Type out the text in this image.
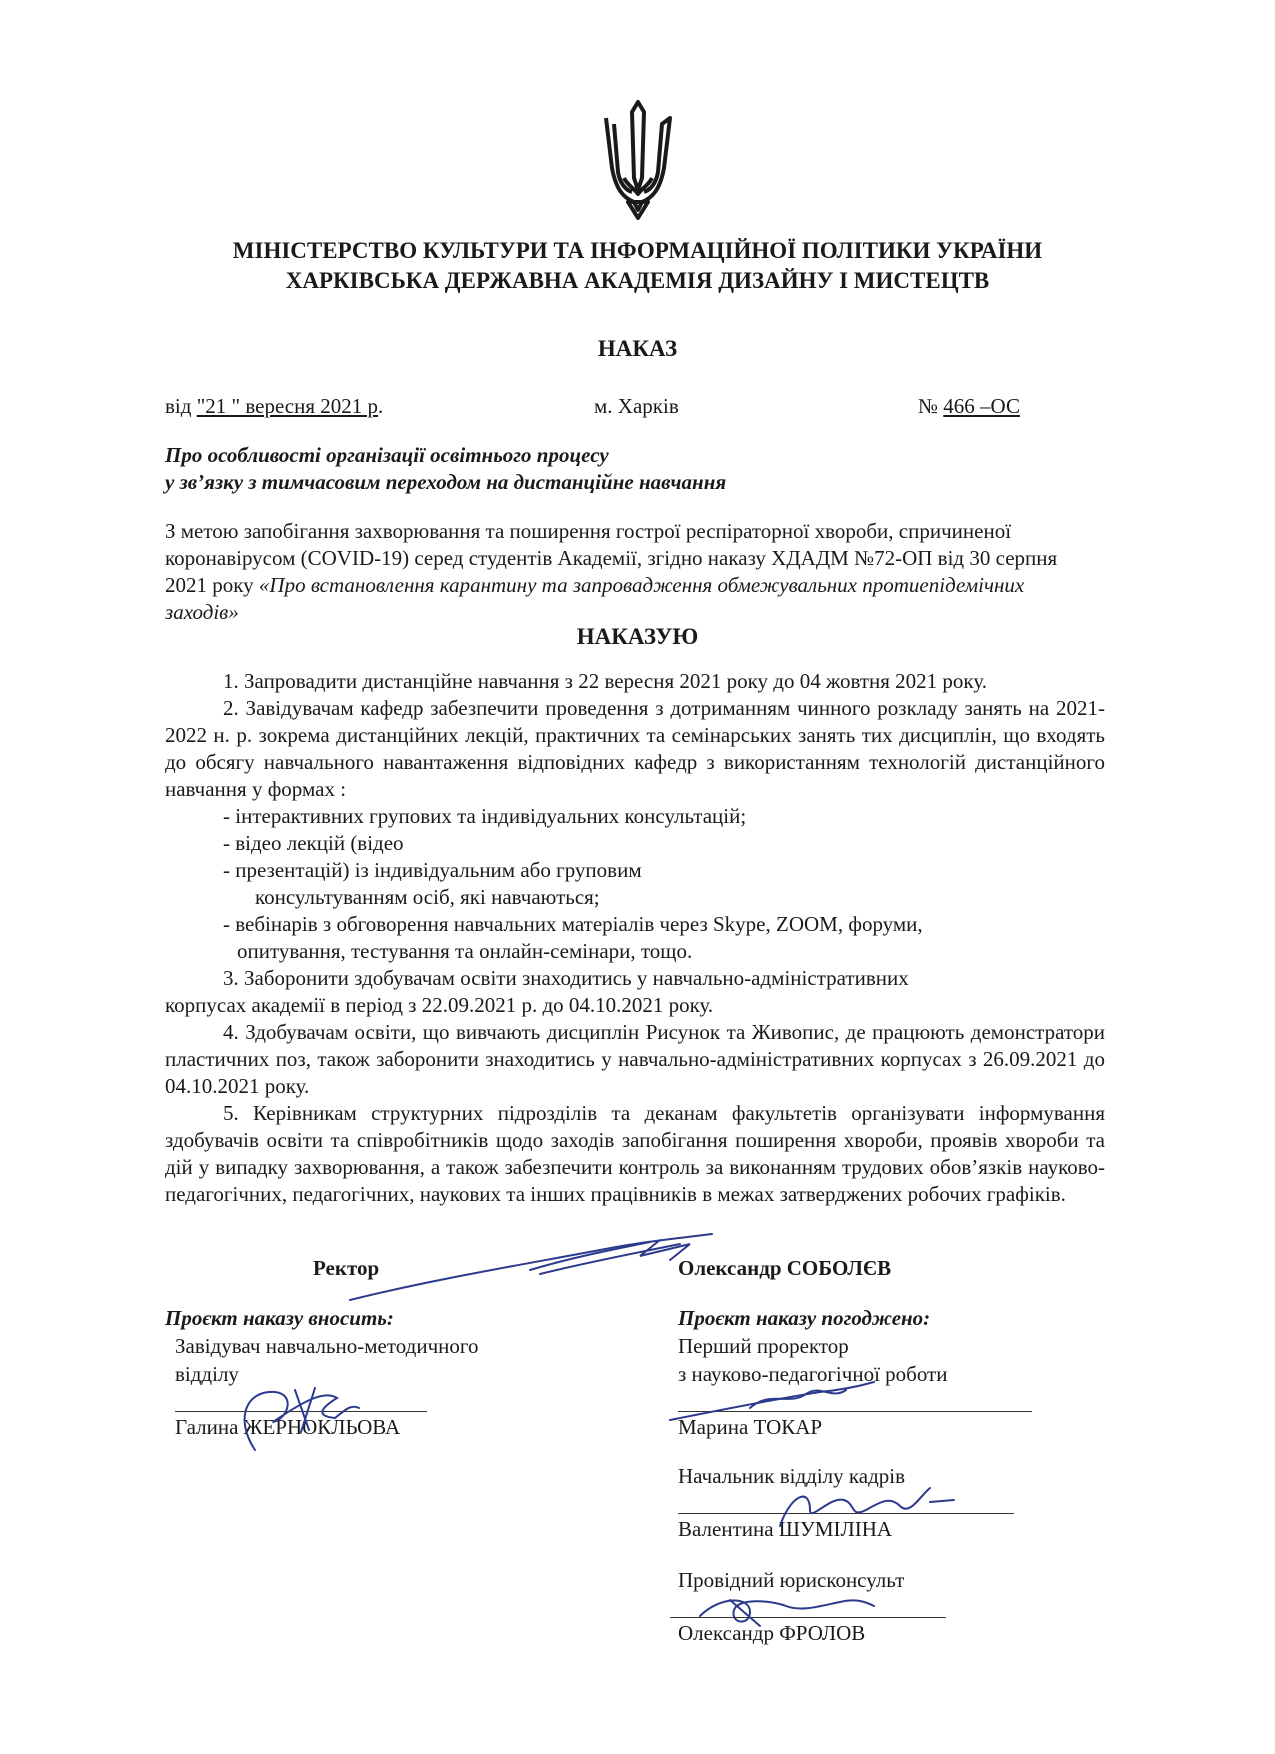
МІНІСТЕРСТВО КУЛЬТУРИ ТА ІНФОРМАЦІЙНОЇ ПОЛІТИКИ УКРАЇНИ
ХАРКІВСЬКА ДЕРЖАВНА АКАДЕМІЯ ДИЗАЙНУ І МИСТЕЦТВ
НАКАЗ
від "21 " вересня 2021 р.	м. Харків	№ 466 –ОС
Про особливості організації освітнього процесу
у зв’язку з тимчасовим переходом на дистанційне навчання
З метою запобігання захворювання та поширення гострої респіраторної хвороби, спричиненої коронавірусом (COVID-19) серед студентів Академії, згідно наказу ХДАДМ №72-ОП від 30 серпня 2021 року «Про встановлення карантину та запровадження обмежувальних протиепідемічних заходів»
НАКАЗУЮ
1. Запровадити дистанційне навчання з 22 вересня 2021 року до 04 жовтня 2021 року.
2. Завідувачам кафедр забезпечити проведення з дотриманням чинного розкладу занять на 2021-2022 н. р. зокрема дистанційних лекцій, практичних та семінарських занять тих дисциплін, що входять до обсягу навчального навантаження відповідних кафедр з використанням технологій дистанційного навчання у формах :
- інтерактивних групових та індивідуальних консультацій;
- відео лекцій (відео
- презентацій) із індивідуальним або груповим
консультуванням осіб, які навчаються;
- вебінарів з обговорення навчальних матеріалів через Skype, ZOOM, форуми,
опитування, тестування та онлайн-семінари, тощо.
3. Заборонити здобувачам освіти знаходитись у навчально-адміністративних
корпусах академії в період з 22.09.2021 р. до 04.10.2021 року.
4. Здобувачам освіти, що вивчають дисциплін Рисунок та Живопис, де працюють демонстратори пластичних поз, також заборонити знаходитись у навчально-адміністративних корпусах з 26.09.2021 до 04.10.2021 року.
5. Керівникам структурних підрозділів та деканам факультетів організувати інформування здобувачів освіти та співробітників щодо заходів запобігання поширення хвороби, проявів хвороби та дій у випадку захворювання, а також забезпечити контроль за виконанням трудових обов’язків науково-педагогічних, педагогічних, наукових та інших працівників в межах затверджених робочих графіків.
Ректор	Олександр СОБОЛЄВ
Проєкт наказу вносить:
Завідувач навчально-методичного
відділу
Галина ЖЕРНОКЛЬОВА
Проєкт наказу погоджено:
Перший проректор
з науково-педагогічної роботи
Марина ТОКАР
Начальник відділу кадрів
Валентина ШУМІЛІНА
Провідний юрисконсульт
Олександр ФРОЛОВ
